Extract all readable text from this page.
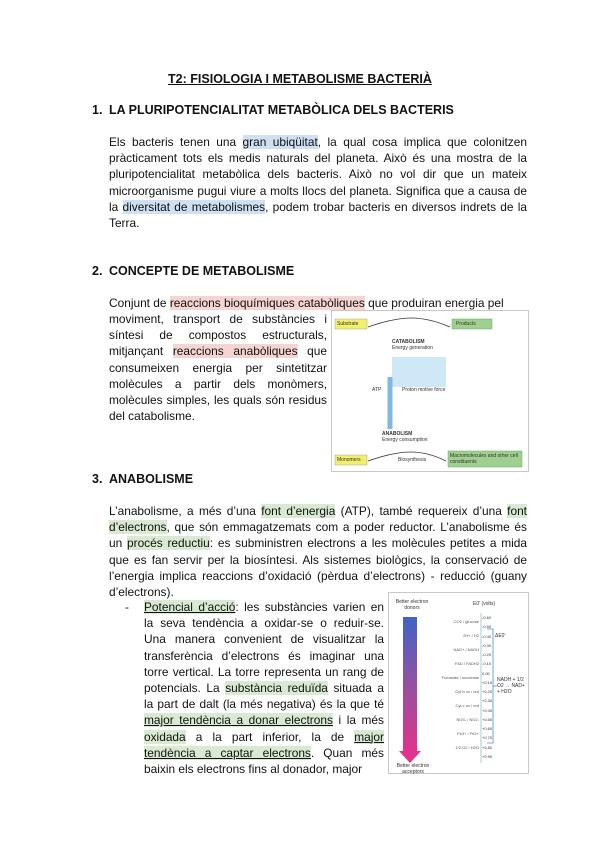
T2: FISIOLOGIA I METABOLISME BACTERIÀ
1. LA PLURIPOTENCIALITAT METABÒLICA DELS BACTERIS
Els bacteris tenen una gran ubiqüitat, la qual cosa implica que colonitzen pràcticament tots els medis naturals del planeta. Això és una mostra de la pluripotencialitat metabòlica dels bacteris. Això no vol dir que un mateix microorganisme pugui viure a molts llocs del planeta. Significa que a causa de la diversitat de metabolismes, podem trobar bacteris en diversos indrets de la Terra.
2. CONCEPTE DE METABOLISME
Conjunt de reaccions bioquímiques catabòliques que produiran energia pel
moviment, transport de substàncies i síntesi de compostos estructurals, mitjançant reaccions anabòliques que consumeixen energia per sintetitzar molècules a partir dels monòmers, molècules simples, les quals són residus del catabolisme.
Substrate	Products
CATABOLISM
Energy generation
ATP	Proton motive force
ANABOLISM
Energy consumption
Monomers	Biosynthesis
Macromolecules and other cell constituents
3. ANABOLISME
L’anabolisme, a més d’una font d’energia (ATP), també requereix d’una font d’electrons, que són emmagatzemats com a poder reductor. L’anabolisme és un procés reductiu: es subministren electrons a les molècules petites a mida que es fan servir per la biosíntesi. Als sistemes biològics, la conservació de l’energia implica reaccions d’oxidació (pèrdua d’electrons) - reducció (guany d’electrons).
- Potencial d’acció: les substàncies varien en la seva tendència a oxidar-se o reduir-se. Una manera convenient de visualitzar la transferència d’electrons és imaginar una torre vertical. La torre representa un rang de potencials. La substància reduïda situada a la part de dalt (la més negativa) és la que té major tendència a donar electrons i la més oxidada a la part inferior, la de major tendència a captar electrons. Quan més baixin els electrons fins al donador, major
Better electron donors
Better electron acceptors
E0' (volts)
-0.60
-0.50
-0.40
-0.30
-0.20
-0.10
0.00
+0.10
+0.20
+0.30
+0.40
+0.50
+0.60
+0.70
+0.80
+0.90
CO2 / glucose
2H+ / H2
NAD+ / NADH
FAD / FADH2
Fumarate / succinate
Cyt b ox / red
Cyt c ox / red
NO3- / NO2-
Fe3+ / Fe2+
1/2 O2 / H2O
ΔE0'
NADH + 1/2 O2 → NAD+ + H2O
